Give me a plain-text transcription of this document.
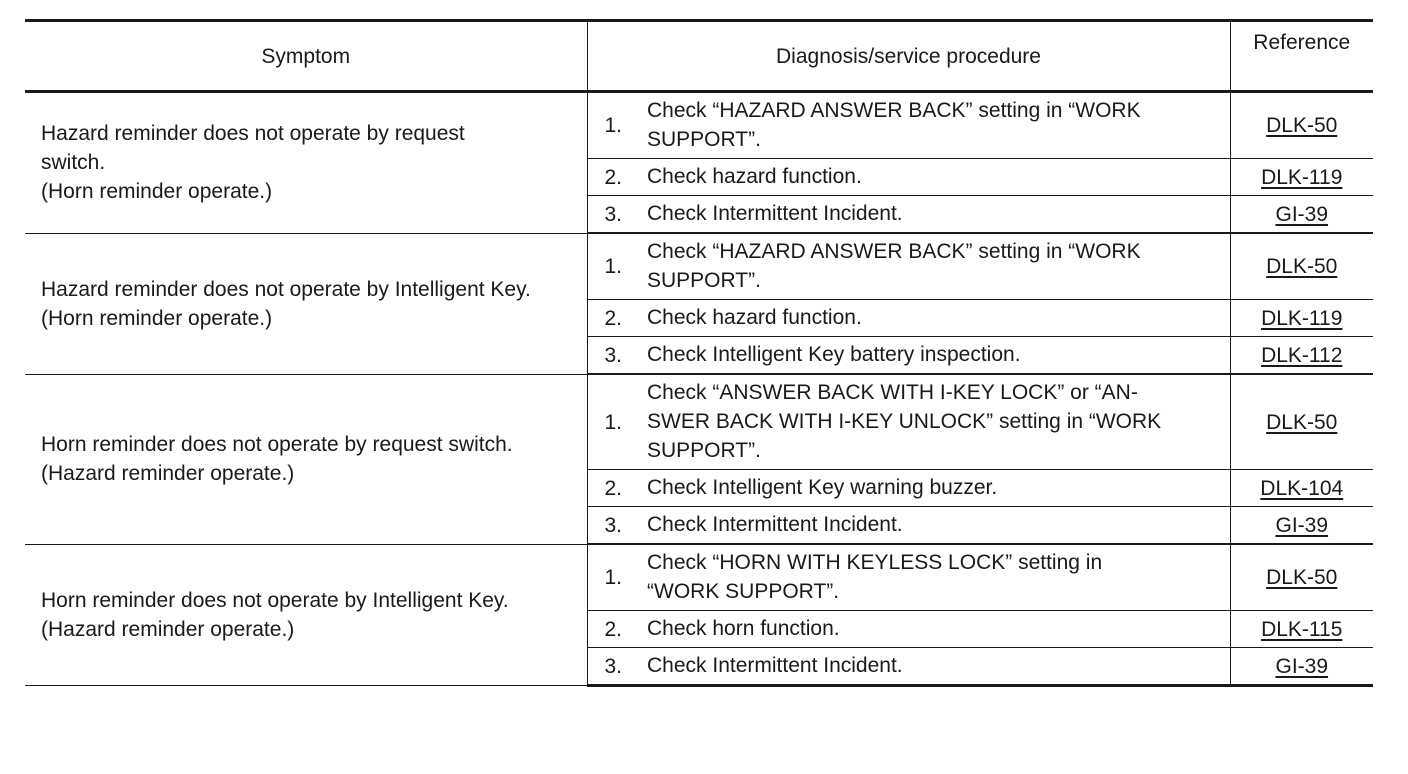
Symptom	Diagnosis/service procedure		Reference

Hazard reminder does not operate by request
switch.
(Horn reminder operate.)	1.	Check “HAZARD ANSWER BACK” setting in “WORK
SUPPORT”.	DLK-50
	2.	Check hazard function.	DLK-119
	3.	Check Intermittent Incident.	GI-39

Hazard reminder does not operate by Intelligent Key.
(Horn reminder operate.)	1.	Check “HAZARD ANSWER BACK” setting in “WORK
SUPPORT”.	DLK-50
	2.	Check hazard function.	DLK-119
	3.	Check Intelligent Key battery inspection.	DLK-112

Horn reminder does not operate by request switch.
(Hazard reminder operate.)	1.	Check “ANSWER BACK WITH I-KEY LOCK” or “AN-
SWER BACK WITH I-KEY UNLOCK” setting in “WORK
SUPPORT”.	DLK-50
	2.	Check Intelligent Key warning buzzer.	DLK-104
	3.	Check Intermittent Incident.	GI-39

Horn reminder does not operate by Intelligent Key.
(Hazard reminder operate.)	1.	Check “HORN WITH KEYLESS LOCK” setting in
“WORK SUPPORT”.	DLK-50
	2.	Check horn function.	DLK-115
	3.	Check Intermittent Incident.	GI-39
